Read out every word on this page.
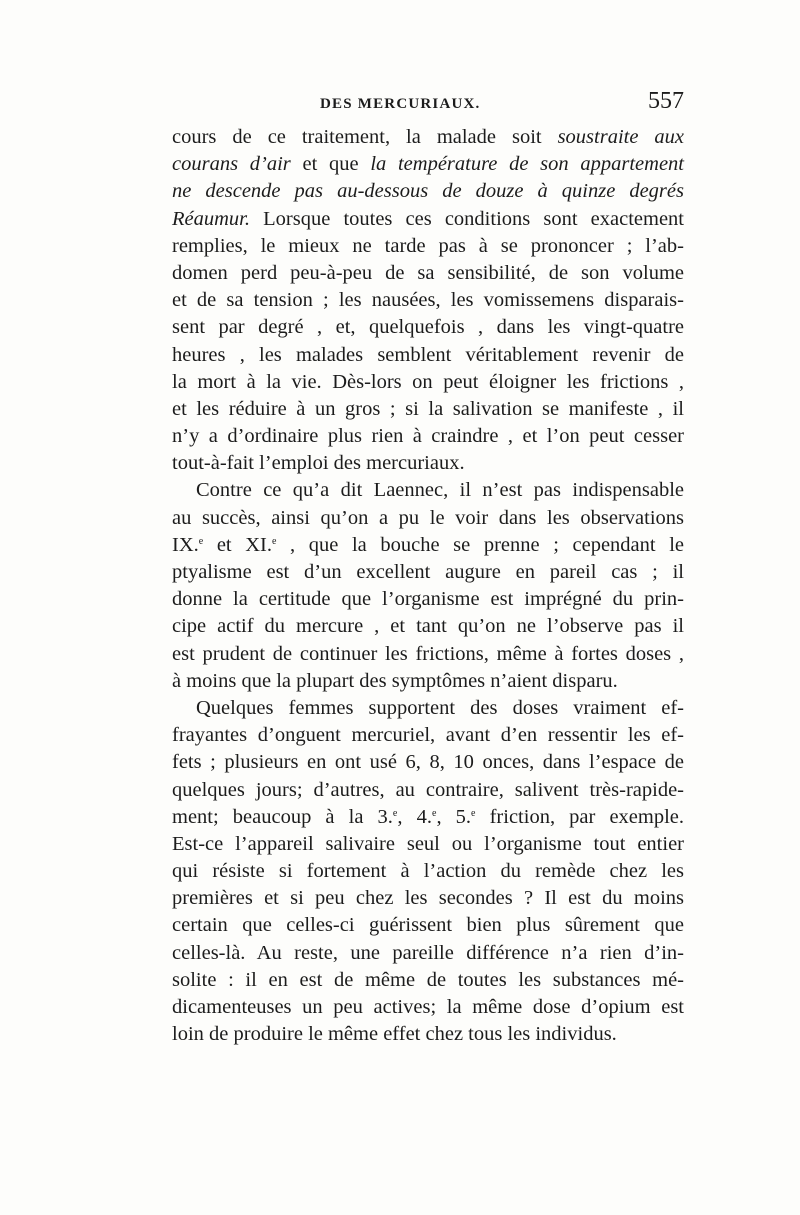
DES MERCURIAUX.	557
cours de ce traitement, la malade soit soustraite aux
courans d’air et que la température de son appartement
ne descende pas au-dessous de douze à quinze degrés
Réaumur. Lorsque toutes ces conditions sont exactement
remplies, le mieux ne tarde pas à se prononcer ; l’ab-
domen perd peu-à-peu de sa sensibilité, de son volume
et de sa tension ; les nausées, les vomissemens disparais-
sent par degré , et, quelquefois , dans les vingt-quatre
heures , les malades semblent véritablement revenir de
la mort à la vie. Dès-lors on peut éloigner les frictions ,
et les réduire à un gros ; si la salivation se manifeste , il
n’y a d’ordinaire plus rien à craindre , et l’on peut cesser
tout-à-fait l’emploi des mercuriaux.
Contre ce qu’a dit Laennec, il n’est pas indispensable
au succès, ainsi qu’on a pu le voir dans les observations
IX.$^e$ et XI.$^e$ , que la bouche se prenne ; cependant le
ptyalisme est d’un excellent augure en pareil cas ; il
donne la certitude que l’organisme est imprégné du prin-
cipe actif du mercure , et tant qu’on ne l’observe pas il
est prudent de continuer les frictions, même à fortes doses ,
à moins que la plupart des symptômes n’aient disparu.
Quelques femmes supportent des doses vraiment ef-
frayantes d’onguent mercuriel, avant d’en ressentir les ef-
fets ; plusieurs en ont usé 6, 8, 10 onces, dans l’espace de
quelques jours; d’autres, au contraire, salivent très-rapide-
ment; beaucoup à la 3.$^e$, 4.$^e$, 5.$^e$ friction, par exemple.
Est-ce l’appareil salivaire seul ou l’organisme tout entier
qui résiste si fortement à l’action du remède chez les
premières et si peu chez les secondes ? Il est du moins
certain que celles-ci guérissent bien plus sûrement que
celles-là. Au reste, une pareille différence n’a rien d’in-
solite : il en est de même de toutes les substances mé-
dicamenteuses un peu actives; la même dose d’opium est
loin de produire le même effet chez tous les individus.
